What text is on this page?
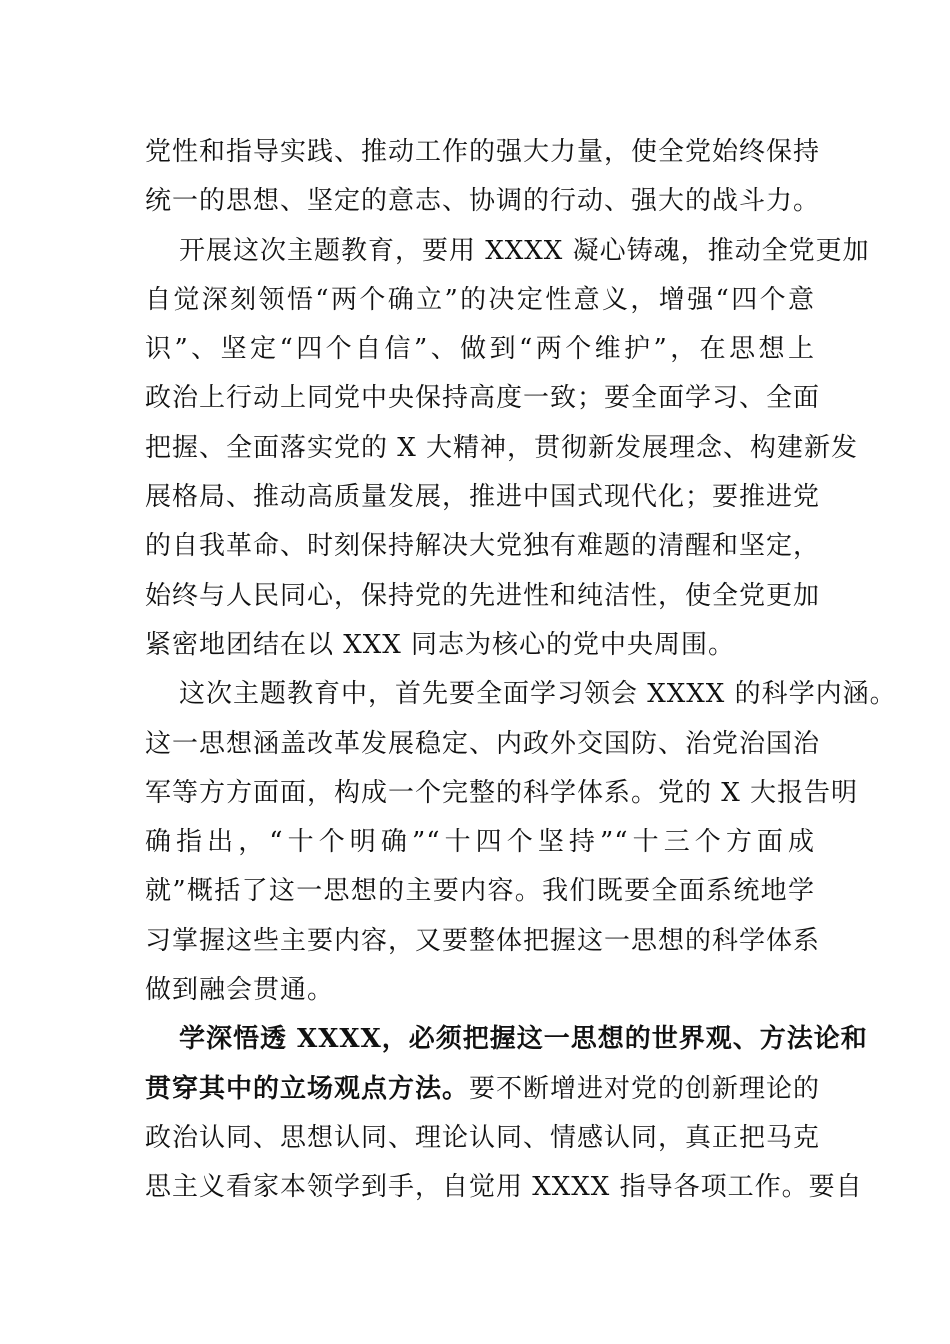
党性和指导实践、推动工作的强大力量，使全党始终保持
统一的思想、坚定的意志、协调的行动、强大的战斗力。
开展这次主题教育，要用 XXXX 凝心铸魂，推动全党更加
自觉深刻领悟“两个确立”的决定性意义，增强“四个意
识”、坚定“四个自信”、做到“两个维护”，在思想上
政治上行动上同党中央保持高度一致；要全面学习、全面
把握、全面落实党的 X 大精神，贯彻新发展理念、构建新发
展格局、推动高质量发展，推进中国式现代化；要推进党
的自我革命、时刻保持解决大党独有难题的清醒和坚定，
始终与人民同心，保持党的先进性和纯洁性，使全党更加
紧密地团结在以 XXX 同志为核心的党中央周围。
这次主题教育中，首先要全面学习领会 XXXX 的科学内涵。
这一思想涵盖改革发展稳定、内政外交国防、治党治国治
军等方方面面，构成一个完整的科学体系。党的 X 大报告明
确指出，“十个明确”“十四个坚持”“十三个方面成
就”概括了这一思想的主要内容。我们既要全面系统地学
习掌握这些主要内容，又要整体把握这一思想的科学体系
做到融会贯通。
学深悟透 XXXX，必须把握这一思想的世界观、方法论和
贯穿其中的立场观点方法。要不断增进对党的创新理论的
政治认同、思想认同、理论认同、情感认同，真正把马克
思主义看家本领学到手，自觉用 XXXX 指导各项工作。要自
